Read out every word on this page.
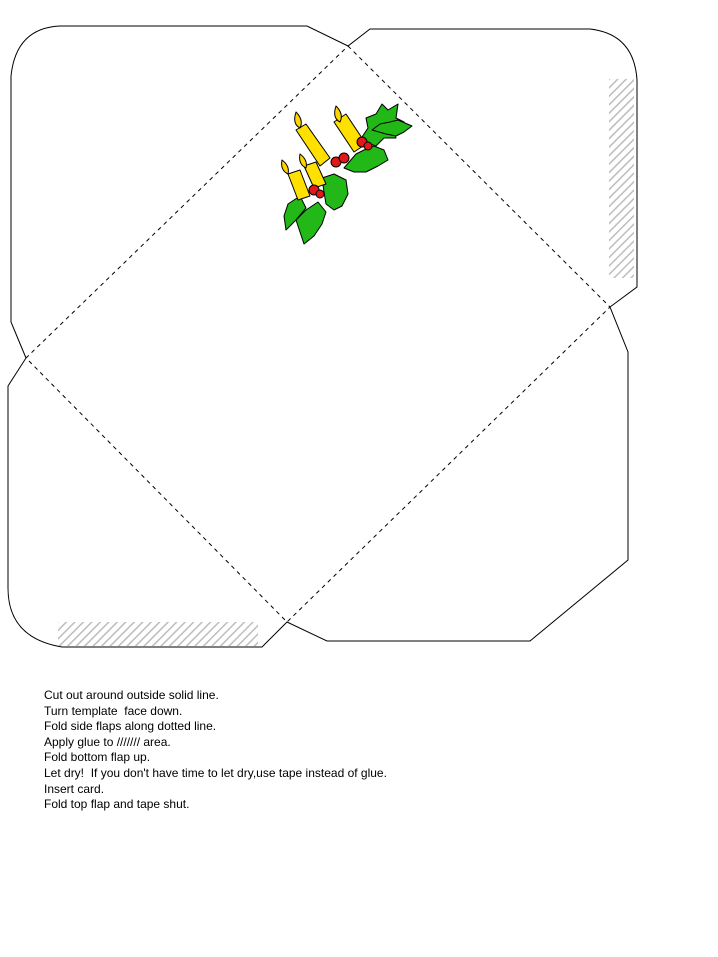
Cut out around outside solid line.
Turn template  face down.
Fold side flaps along dotted line.
Apply glue to /////// area.
Fold bottom flap up.
Let dry!  If you don't have time to let dry,use tape instead of glue.
Insert card.
Fold top flap and tape shut.
